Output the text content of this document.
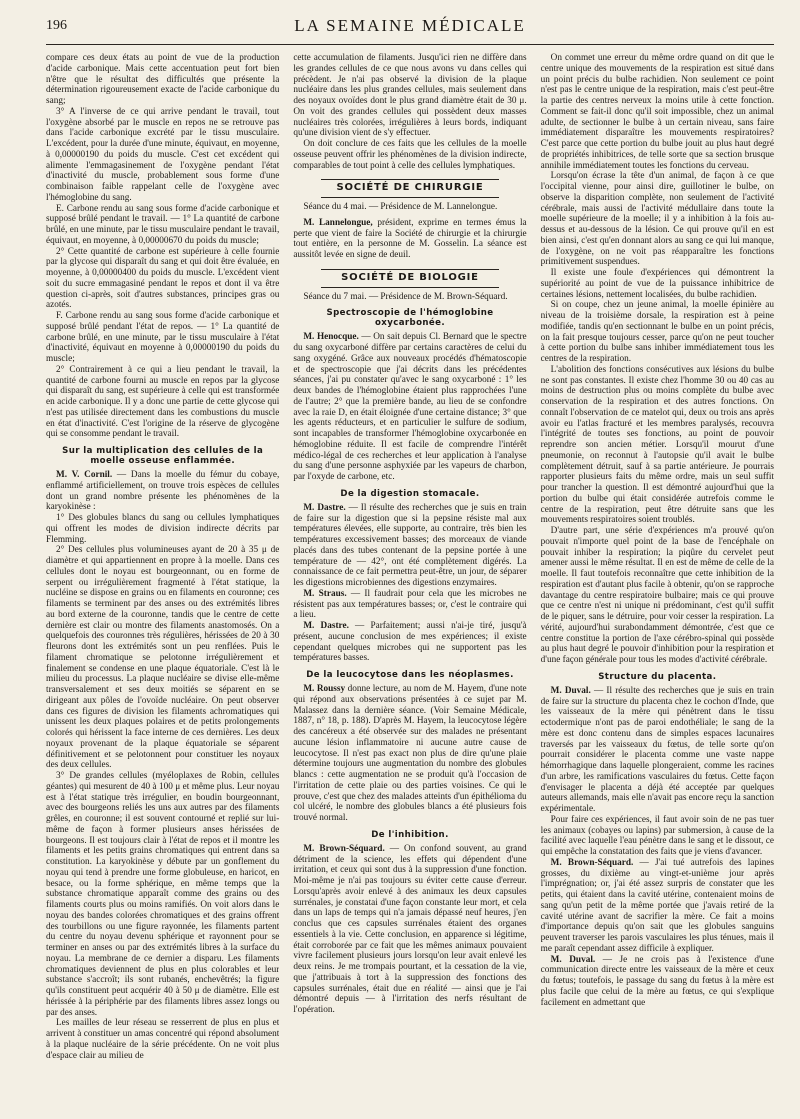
196	LA SEMAINE MÉDICALE

compare ces deux états au point de vue de la production d'acide carbonique. Mais cette accentuation peut fort bien n'être que le résultat des difficultés que présente la détermination rigoureusement exacte de l'acide carbonique du sang;

3° A l'inverse de ce qui arrive pendant le travail, tout l'oxygène absorbé par le muscle en repos ne se retrouve pas dans l'acide carbonique excrété par le tissu musculaire. L'excédent, pour la durée d'une minute, équivaut, en moyenne, à 0,00000190 du poids du muscle. C'est cet excédent qui alimente l'emmagasinement de l'oxygène pendant l'état d'inactivité du muscle, probablement sous forme d'une combinaison faible rappelant celle de l'oxygène avec l'hémoglobine du sang.

E. Carbone rendu au sang sous forme d'acide carbonique et supposé brûlé pendant le travail. — 1° La quantité de carbone brûlé, en une minute, par le tissu musculaire pendant le travail, équivaut, en moyenne, à 0,00000670 du poids du muscle;

2° Cette quantité de carbone est supérieure à celle fournie par la glycose qui disparaît du sang et qui doit être évaluée, en moyenne, à 0,00000400 du poids du muscle. L'excédent vient soit du sucre emmagasiné pendant le repos et dont il va être question ci-après, soit d'autres substances, principes gras ou azotés.

F. Carbone rendu au sang sous forme d'acide carbonique et supposé brûlé pendant l'état de repos. — 1° La quantité de carbone brûlé, en une minute, par le tissu musculaire à l'état d'inactivité, équivaut en moyenne à 0,00000190 du poids du muscle;

2° Contrairement à ce qui a lieu pendant le travail, la quantité de carbone fourni au muscle en repos par la glycose qui disparaît du sang, est supérieure à celle qui est transformée en acide carbonique. Il y a donc une partie de cette glycose qui n'est pas utilisée directement dans les combustions du muscle en état d'inactivité. C'est l'origine de la réserve de glycogène qui se consomme pendant le travail.

Sur la multiplication des cellules de la moelle osseuse enflammée.

M. V. Cornil. — Dans la moelle du fémur du cobaye, enflammé artificiellement, on trouve trois espèces de cellules dont un grand nombre présente les phénomènes de la karyokinèse :

1° Des globules blancs du sang ou cellules lymphatiques qui offrent les modes de division indirecte décrits par Flemming.

2° Des cellules plus volumineuses ayant de 20 à 35 μ de diamètre et qui appartiennent en propre à la moelle. Dans ces cellules dont le noyau est bourgeonnant, ou en forme de serpent ou irrégulièrement fragmenté à l'état statique, la nucléine se dispose en grains ou en filaments en couronne; ces filaments se terminent par des anses ou des extrémités libres au bord externe de la couronne, tandis que le centre de cette dernière est clair ou montre des filaments anastomosés. On a quelquefois des couronnes très régulières, hérissées de 20 à 30 fleurons dont les extrémités sont un peu renflées. Puis le filament chromatique se pelotonne irrégulièrement et finalement se condense en une plaque équatoriale. C'est là le milieu du processus. La plaque nucléaire se divise elle-même transversalement et ses deux moitiés se séparent en se dirigeant aux pôles de l'ovoïde nucléaire. On peut observer dans ces figures de division les filaments achromatiques qui unissent les deux plaques polaires et de petits prolongements colorés qui hérissent la face interne de ces dernières. Les deux noyaux provenant de la plaque équatoriale se séparent définitivement et se pelotonnent pour constituer les noyaux des deux cellules.

3° De grandes cellules (myéloplaxes de Robin, cellules géantes) qui mesurent de 40 à 100 μ et même plus. Leur noyau est à l'état statique très irrégulier, en boudin bourgeonnant, avec des bourgeons reliés les uns aux autres par des filaments grêles, en couronne; il est souvent contourné et replié sur lui-même de façon à former plusieurs anses hérissées de bourgeons. Il est toujours clair à l'état de repos et il montre les filaments et les petits grains chromatiques qui entrent dans sa constitution. La karyokinèse y débute par un gonflement du noyau qui tend à prendre une forme globuleuse, en haricot, en besace, ou la forme sphérique, en même temps que la substance chromatique apparaît comme des grains ou des filaments courts plus ou moins ramifiés. On voit alors dans le noyau des bandes colorées chromatiques et des grains offrent des tourbillons ou une figure rayonnée, les filaments partent du centre du noyau devenu sphérique et rayonnent pour se terminer en anses ou par des extrémités libres à la surface du noyau. La membrane de ce dernier a disparu. Les filaments chromatiques deviennent de plus en plus colorables et leur substance s'accroît; ils sont rubanés, enchevêtrés; la figure qu'ils constituent peut acquérir 40 à 50 μ de diamètre. Elle est hérissée à la périphérie par des filaments libres assez longs ou par des anses.

Les mailles de leur réseau se resserrent de plus en plus et arrivent à constituer un amas concentré qui répond absolument à la plaque nucléaire de la série précédente. On ne voit plus d'espace clair au milieu de

cette accumulation de filaments. Jusqu'ici rien ne diffère dans les grandes cellules de ce que nous avons vu dans celles qui précèdent. Je n'ai pas observé la division de la plaque nucléaire dans les plus grandes cellules, mais seulement dans des noyaux ovoïdes dont le plus grand diamètre était de 30 μ. On voit des grandes cellules qui possèdent deux masses nucléaires très colorées, irrégulières à leurs bords, indiquant qu'une division vient de s'y effectuer.

On doit conclure de ces faits que les cellules de la moelle osseuse peuvent offrir les phénomènes de la division indirecte, comparables de tout point à celle des cellules lymphatiques.

SOCIÉTÉ DE CHIRURGIE

Séance du 4 mai. — Présidence de M. Lannelongue.

M. Lannelongue, président, exprime en termes émus la perte que vient de faire la Société de chirurgie et la chirurgie tout entière, en la personne de M. Gosselin. La séance est aussitôt levée en signe de deuil.

SOCIÉTÉ DE BIOLOGIE

Séance du 7 mai. — Présidence de M. Brown-Séquard.

Spectroscopie de l'hémoglobine oxycarbonée.

M. Henocque. — On sait depuis Cl. Bernard que le spectre du sang oxycarboné diffère par certains caractères de celui du sang oxygéné. Grâce aux nouveaux procédés d'hématoscopie et de spectroscopie que j'ai décrits dans les précédentes séances, j'ai pu constater qu'avec le sang oxycarboné : 1° les deux bandes de l'hémoglobine étaient plus rapprochées l'une de l'autre; 2° que la première bande, au lieu de se confondre avec la raie D, en était éloignée d'une certaine distance; 3° que les agents réducteurs, et en particulier le sulfure de sodium, sont incapables de transformer l'hémoglobine oxycarbonée en hémoglobine réduite. Il est facile de comprendre l'intérêt médico-légal de ces recherches et leur application à l'analyse du sang d'une personne asphyxiée par les vapeurs de charbon, par l'oxyde de carbone, etc.

De la digestion stomacale.

M. Dastre. — Il résulte des recherches que je suis en train de faire sur la digestion que si la pepsine résiste mal aux températures élevées, elle supporte, au contraire, très bien les températures excessivement basses; des morceaux de viande placés dans des tubes contenant de la pepsine portée à une température de — 42°, ont été complètement digérés. La connaissance de ce fait permettra peut-être, un jour, de séparer les digestions microbiennes des digestions enzymaires.

M. Straus. — Il faudrait pour cela que les microbes ne résistent pas aux températures basses; or, c'est le contraire qui a lieu.

M. Dastre. — Parfaitement; aussi n'ai-je tiré, jusqu'à présent, aucune conclusion de mes expériences; il existe cependant quelques microbes qui ne supportent pas les températures basses.

De la leucocytose dans les néoplasmes.

M. Roussy donne lecture, au nom de M. Hayem, d'une note qui répond aux observations présentées à ce sujet par M. Malassez dans la dernière séance. (Voir Semaine Médicale, 1887, n° 18, p. 188). D'après M. Hayem, la leucocytose légère des cancéreux a été observée sur des malades ne présentant aucune lésion inflammatoire ni aucune autre cause de leucocytose. Il n'est pas exact non plus de dire qu'une plaie détermine toujours une augmentation du nombre des globules blancs : cette augmentation ne se produit qu'à l'occasion de l'irritation de cette plaie ou des parties voisines. Ce qui le prouve, c'est que chez des malades atteints d'un épithélioma du col ulcéré, le nombre des globules blancs a été plusieurs fois trouvé normal.

De l'inhibition.

M. Brown-Séquard. — On confond souvent, au grand détriment de la science, les effets qui dépendent d'une irritation, et ceux qui sont dus à la suppression d'une fonction. Moi-même je n'ai pas toujours su éviter cette cause d'erreur. Lorsqu'après avoir enlevé à des animaux les deux capsules surrénales, je constatai d'une façon constante leur mort, et cela dans un laps de temps qui n'a jamais dépassé neuf heures, j'en conclus que ces capsules surrénales étaient des organes essentiels à la vie. Cette conclusion, en apparence si légitime, était corroborée par ce fait que les mêmes animaux pouvaient vivre facilement plusieurs jours lorsqu'on leur avait enlevé les deux reins. Je me trompais pourtant, et la cessation de la vie, que j'attribuais à tort à la suppression des fonctions des capsules surrénales, était due en réalité — ainsi que je l'ai démontré depuis — à l'irritation des nerfs résultant de l'opération.

On commet une erreur du même ordre quand on dit que le centre unique des mouvements de la respiration est situé dans un point précis du bulbe rachidien. Non seulement ce point n'est pas le centre unique de la respiration, mais c'est peut-être la partie des centres nerveux la moins utile à cette fonction. Comment se fait-il donc qu'il soit impossible, chez un animal adulte, de sectionner le bulbe à un certain niveau, sans faire immédiatement disparaître les mouvements respiratoires? C'est parce que cette portion du bulbe jouit au plus haut degré de propriétés inhibitrices, de telle sorte que sa section brusque annihile immédiatement toutes les fonctions du cerveau.

Lorsqu'on écrase la tête d'un animal, de façon à ce que l'occipital vienne, pour ainsi dire, guillotiner le bulbe, on observe la disparition complète, non seulement de l'activité cérébrale, mais aussi de l'activité médullaire dans toute la moelle supérieure de la moelle; il y a inhibition à la fois au-dessus et au-dessous de la lésion. Ce qui prouve qu'il en est bien ainsi, c'est qu'en donnant alors au sang ce qui lui manque, de l'oxygène, on ne voit pas réapparaître les fonctions primitivement suspendues.

Il existe une foule d'expériences qui démontrent la supériorité au point de vue de la puissance inhibitrice de certaines lésions, nettement localisées, du bulbe rachidien.

Si on coupe, chez un jeune animal, la moelle épinière au niveau de la troisième dorsale, la respiration est à peine modifiée, tandis qu'en sectionnant le bulbe en un point précis, on la fait presque toujours cesser, parce qu'on ne peut toucher à cette portion du bulbe sans inhiber immédiatement tous les centres de la respiration.

L'abolition des fonctions consécutives aux lésions du bulbe ne sont pas constantes. Il existe chez l'homme 30 ou 40 cas au moins de destruction plus ou moins complète du bulbe avec conservation de la respiration et des autres fonctions. On connaît l'observation de ce matelot qui, deux ou trois ans après avoir eu l'atlas fracturé et les membres paralysés, recouvra l'intégrité de toutes ses fonctions, au point de pouvoir reprendre son ancien métier. Lorsqu'il mourut d'une pneumonie, on reconnut à l'autopsie qu'il avait le bulbe complètement détruit, sauf à sa partie antérieure. Je pourrais rapporter plusieurs faits du même ordre, mais un seul suffit pour trancher la question. Il est démontré aujourd'hui que la portion du bulbe qui était considérée autrefois comme le centre de la respiration, peut être détruite sans que les mouvements respiratoires soient troublés.

D'autre part, une série d'expériences m'a prouvé qu'on pouvait n'importe quel point de la base de l'encéphale on pouvait inhiber la respiration; la piqûre du cervelet peut amener aussi le même résultat. Il en est de même de celle de la moelle. Il faut toutefois reconnaître que cette inhibition de la respiration est d'autant plus facile à obtenir, qu'on se rapproche davantage du centre respiratoire bulbaire; mais ce qui prouve que ce centre n'est ni unique ni prédominant, c'est qu'il suffit de le piquer, sans le détruire, pour voir cesser la respiration. La vérité, aujourd'hui surabondamment démontrée, c'est que ce centre constitue la portion de l'axe cérébro-spinal qui possède au plus haut degré le pouvoir d'inhibition pour la respiration et d'une façon générale pour tous les modes d'activité cérébrale.

Structure du placenta.

M. Duval. — Il résulte des recherches que je suis en train de faire sur la structure du placenta chez le cochon d'Inde, que les vaisseaux de la mère qui pénètrent dans le tissu ectodermique n'ont pas de paroi endothéliale; le sang de la mère est donc contenu dans de simples espaces lacunaires traversés par les vaisseaux du fœtus, de telle sorte qu'on pourrait considérer le placenta comme une vaste nappe hémorrhagique dans laquelle plongeraient, comme les racines d'un arbre, les ramifications vasculaires du fœtus. Cette façon d'envisager le placenta a déjà été acceptée par quelques auteurs allemands, mais elle n'avait pas encore reçu la sanction expérimentale.

Pour faire ces expériences, il faut avoir soin de ne pas tuer les animaux (cobayes ou lapins) par submersion, à cause de la facilité avec laquelle l'eau pénètre dans le sang et le dissout, ce qui empêche la constatation des faits que je viens d'avancer.

M. Brown-Séquard. — J'ai tué autrefois des lapines grosses, du dixième au vingt-et-unième jour après l'imprégnation; or, j'ai été assez surpris de constater que les petits, qui étaient dans la cavité utérine, contenaient moins de sang qu'un petit de la même portée que j'avais retiré de la cavité utérine avant de sacrifier la mère. Ce fait a moins d'importance depuis qu'on sait que les globules sanguins peuvent traverser les parois vasculaires les plus ténues, mais il me paraît cependant assez difficile à expliquer.

M. Duval. — Je ne crois pas à l'existence d'une communication directe entre les vaisseaux de la mère et ceux du fœtus; toutefois, le passage du sang du fœtus à la mère est plus facile que celui de la mère au fœtus, ce qui s'explique facilement en admettant que
